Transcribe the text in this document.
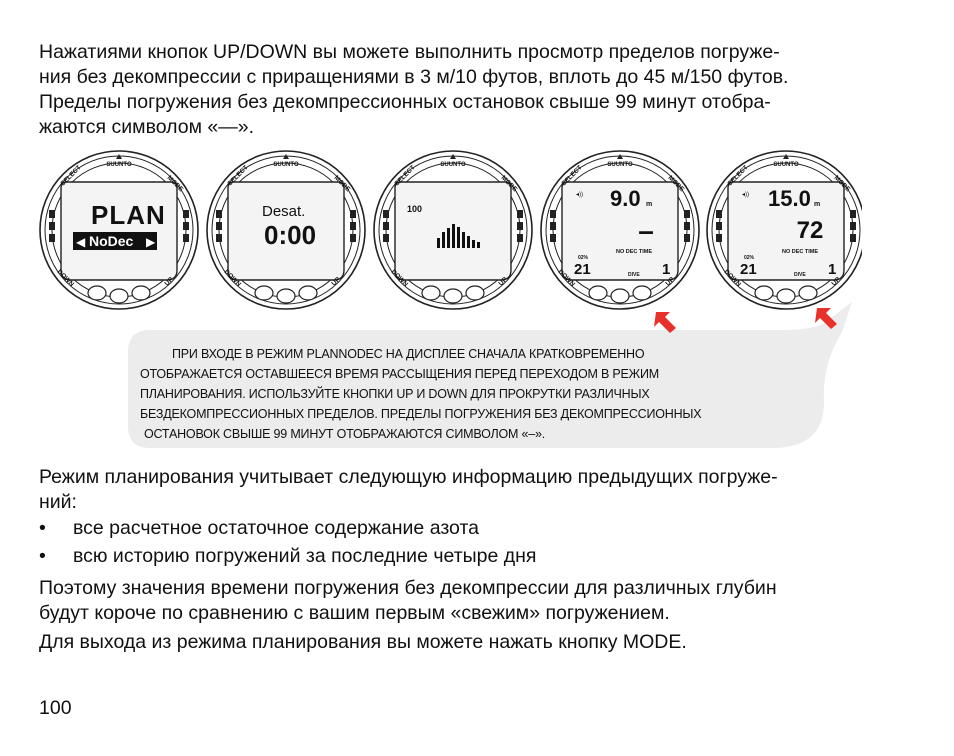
Нажатиями кнопок UP/DOWN вы можете выполнить просмотр пределов погруже-
ния без декомпрессии с приращениями в 3 м/10 футов, вплоть до 45 м/150 футов.
Пределы погружения без декомпрессионных остановок свыше 99 минут отобра-
жаются символом «—».

SUUNTO
SELECT	MODE
DOWN	UP
PLAN
◀ NoDec ▶
SUUNTO
SELECT	MODE
DOWN	UP
Desat.
0:00
SUUNTO
SELECT	MODE
DOWN	UP
100
SUUNTO
SELECT	MODE
DOWN	UP
◂)) 9.0 m
–
NO DEC TIME
02%
21	DIVE 1
SUUNTO
SELECT	MODE
DOWN	UP
◂)) 15.0 m
72
NO DEC TIME
02%
21	DIVE 1
ПРИ ВХОДЕ В РЕЖИМ PLANNODEC НА ДИСПЛЕЕ СНАЧАЛА КРАТКОВРЕМЕННО
ОТОБРАЖАЕТСЯ ОСТАВШЕЕСЯ ВРЕМЯ РАССЫЩЕНИЯ ПЕРЕД ПЕРЕХОДОМ В РЕЖИМ
ПЛАНИРОВАНИЯ. ИСПОЛЬЗУЙТЕ КНОПКИ UP И DOWN ДЛЯ ПРОКРУТКИ РАЗЛИЧНЫХ
БЕЗДЕКОМПРЕССИОННЫХ ПРЕДЕЛОВ. ПРЕДЕЛЫ ПОГРУЖЕНИЯ БЕЗ ДЕКОМПРЕССИОННЫХ
ОСТАНОВОК СВЫШЕ 99 МИНУТ ОТОБРАЖАЮТСЯ СИМВОЛОМ «–».

Режим планирования учитывает следующую информацию предыдущих погруже-
ний:

•	все расчетное остаточное содержание азота
•	всю историю погружений за последние четыре дня

Поэтому значения времени погружения без декомпрессии для различных глубин
будут короче по сравнению с вашим первым «свежим» погружением.

Для выхода из режима планирования вы можете нажать кнопку MODE.

100
